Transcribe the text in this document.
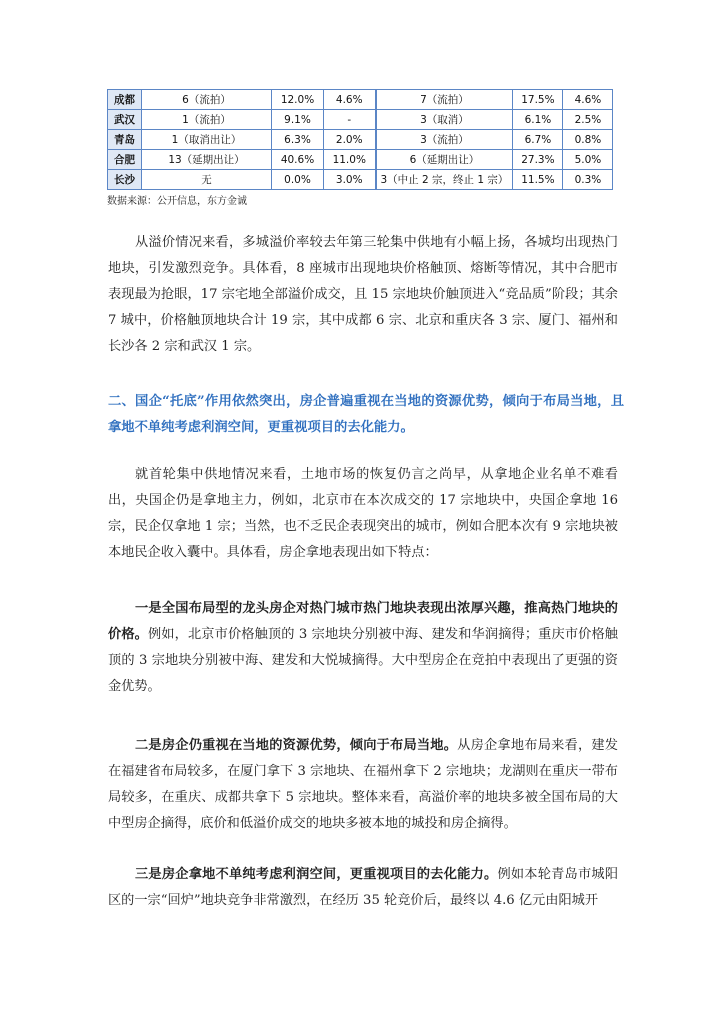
成都	6（流拍）	12.0%	4.6%	7（流拍）	17.5%	4.6%
武汉	1（流拍）	9.1%	-	3（取消）	6.1%	2.5%
青岛	1（取消出让）	6.3%	2.0%	3（流拍）	6.7%	0.8%
合肥	13（延期出让）	40.6%	11.0%	6（延期出让）	27.3%	5.0%
长沙	无	0.0%	3.0%	3（中止 2 宗，终止 1 宗）	11.5%	0.3%
数据来源：公开信息，东方金诚

从溢价情况来看，多城溢价率较去年第三轮集中供地有小幅上扬，各城均出现热门地块，引发激烈竞争。具体看，8 座城市出现地块价格触顶、熔断等情况，其中合肥市表现最为抢眼，17 宗宅地全部溢价成交，且 15 宗地块价触顶进入“竞品质”阶段；其余 7 城中，价格触顶地块合计 19 宗，其中成都 6 宗、北京和重庆各 3 宗、厦门、福州和长沙各 2 宗和武汉 1 宗。

二、国企“托底”作用依然突出，房企普遍重视在当地的资源优势，倾向于布局当地，且拿地不单纯考虑利润空间，更重视项目的去化能力。

就首轮集中供地情况来看，土地市场的恢复仍言之尚早，从拿地企业名单不难看出，央国企仍是拿地主力，例如，北京市在本次成交的 17 宗地块中，央国企拿地 16 宗，民企仅拿地 1 宗；当然，也不乏民企表现突出的城市，例如合肥本次有 9 宗地块被本地民企收入囊中。具体看，房企拿地表现出如下特点：

一是全国布局型的龙头房企对热门城市热门地块表现出浓厚兴趣，推高热门地块的价格。例如，北京市价格触顶的 3 宗地块分别被中海、建发和华润摘得；重庆市价格触顶的 3 宗地块分别被中海、建发和大悦城摘得。大中型房企在竞拍中表现出了更强的资金优势。

二是房企仍重视在当地的资源优势，倾向于布局当地。从房企拿地布局来看，建发在福建省布局较多，在厦门拿下 3 宗地块、在福州拿下 2 宗地块；龙湖则在重庆一带布局较多，在重庆、成都共拿下 5 宗地块。整体来看，高溢价率的地块多被全国布局的大中型房企摘得，底价和低溢价成交的地块多被本地的城投和房企摘得。

三是房企拿地不单纯考虑利润空间，更重视项目的去化能力。例如本轮青岛市城阳区的一宗“回炉”地块竞争非常激烈，在经历 35 轮竞价后，最终以 4.6 亿元由阳城开
